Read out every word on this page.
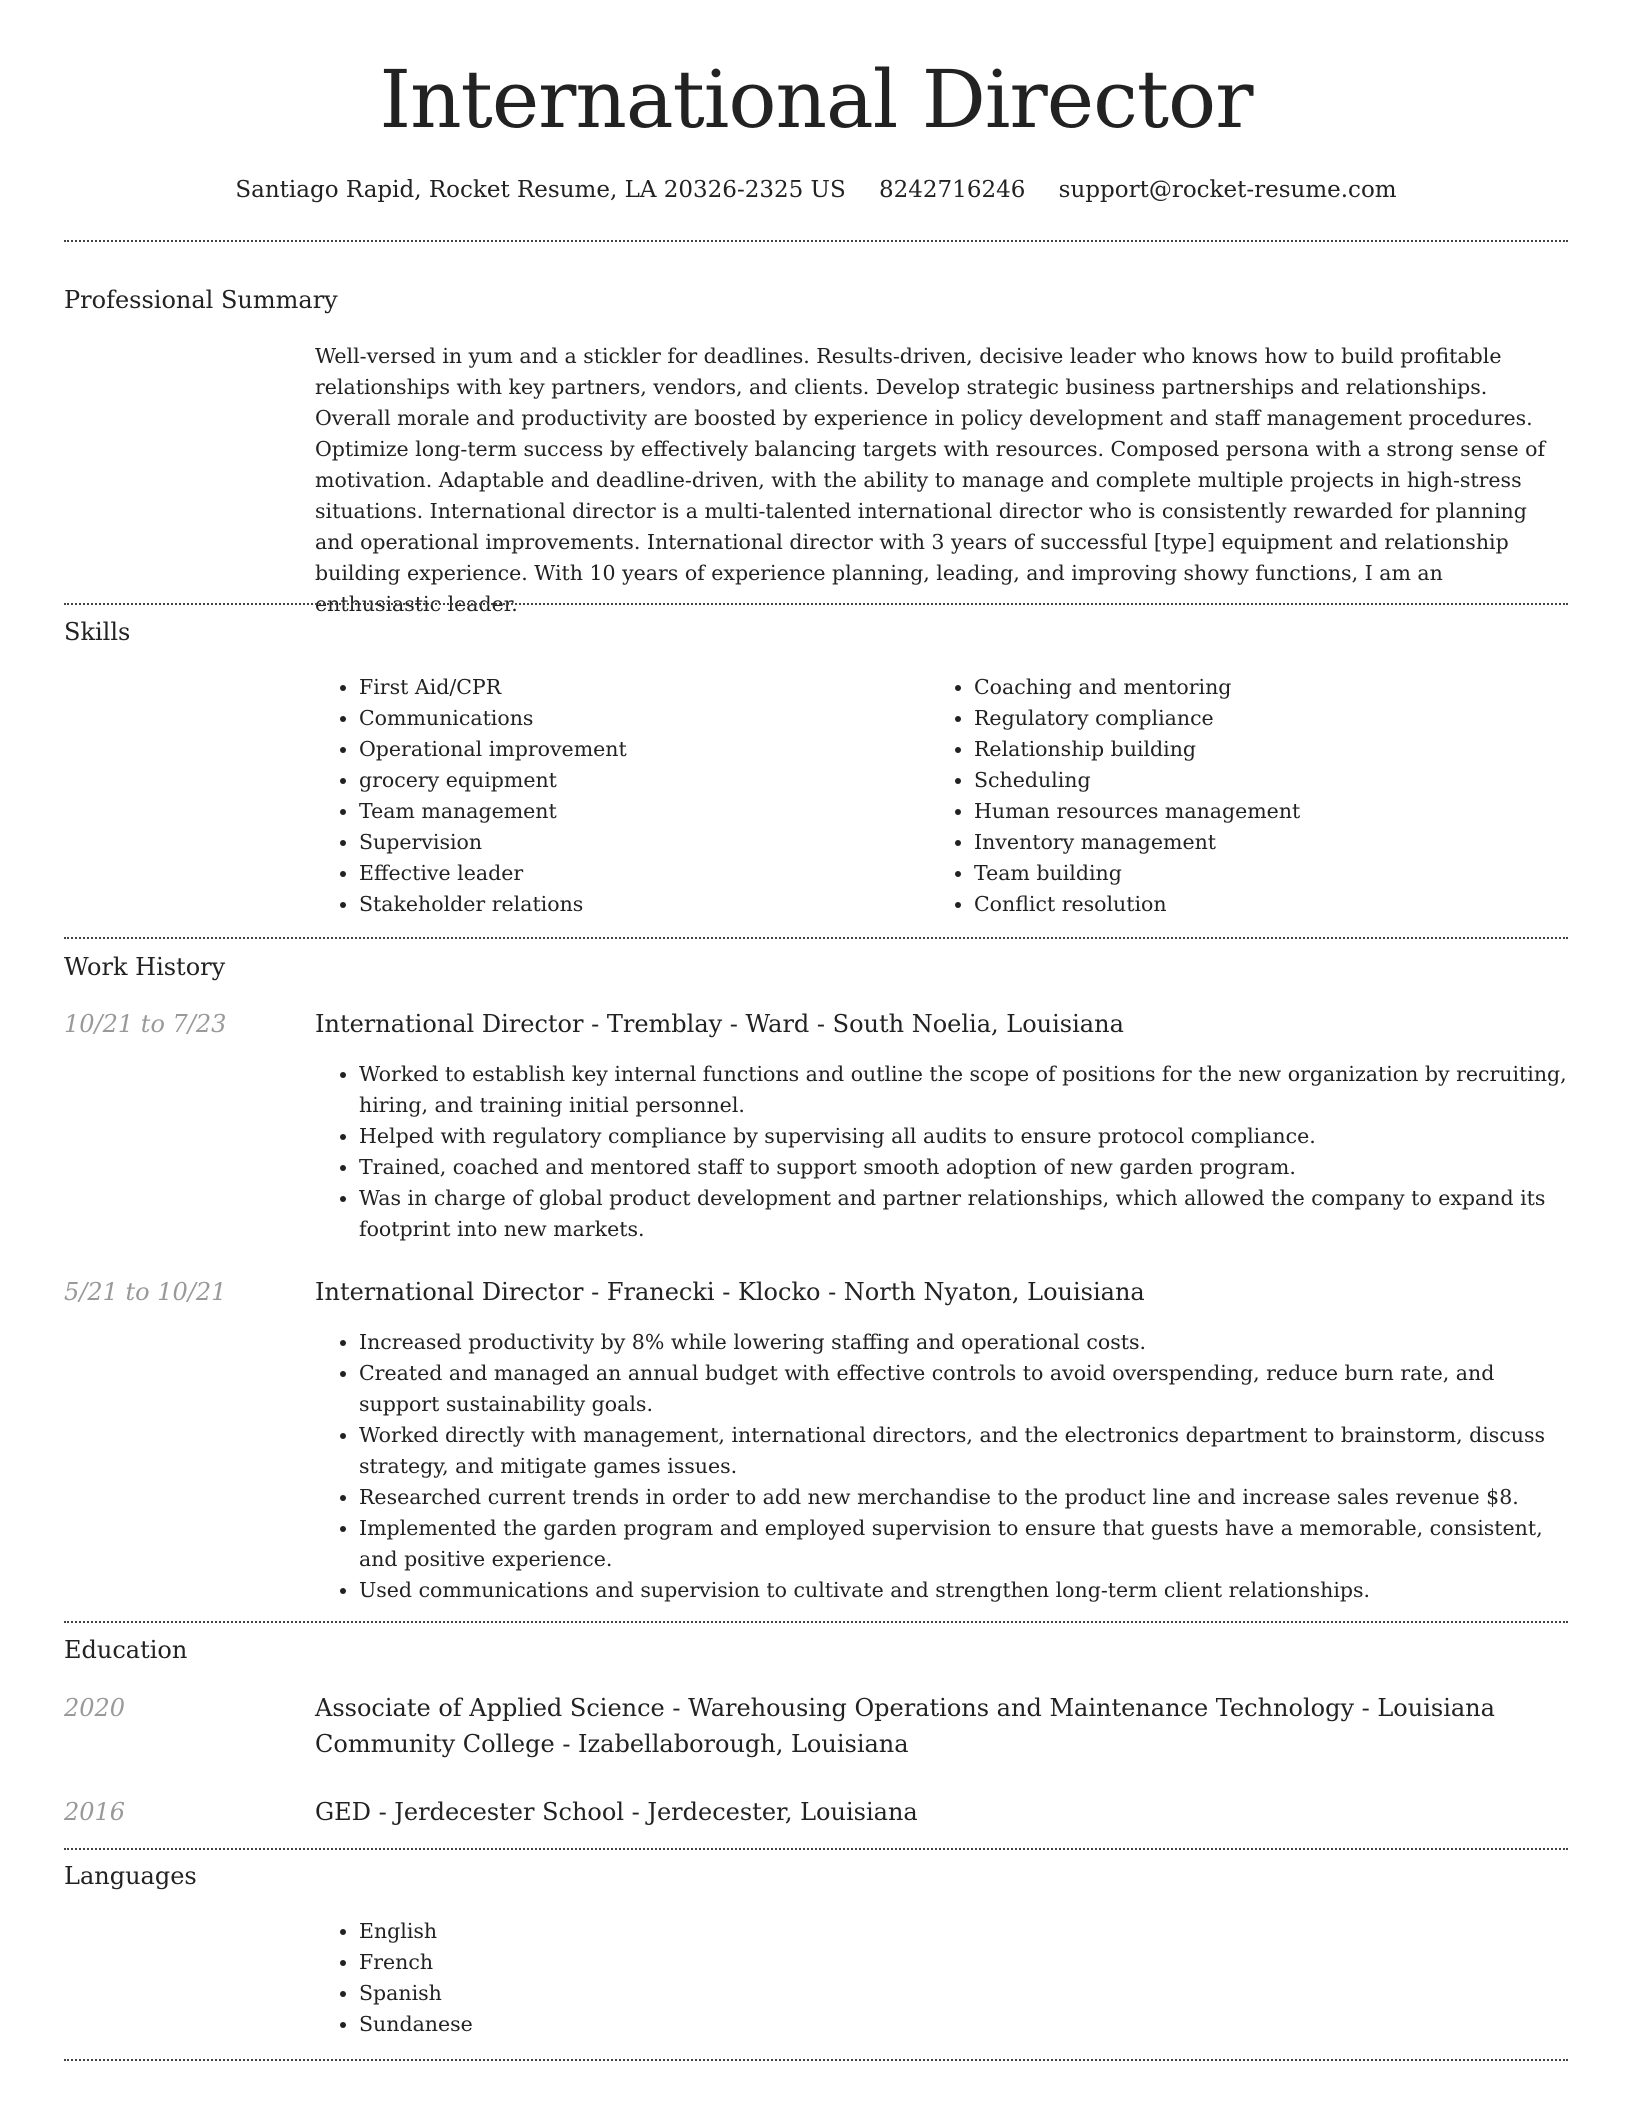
International Director
Santiago Rapid, Rocket Resume, LA 20326-2325 US 8242716246 support@rocket-resume.com
Professional Summary

Well-versed in yum and a stickler for deadlines. Results-driven, decisive leader who knows how to build profitable relationships with key partners, vendors, and clients. Develop strategic business partnerships and relationships. Overall morale and productivity are boosted by experience in policy development and staff management procedures. Optimize long-term success by effectively balancing targets with resources. Composed persona with a strong sense of motivation. Adaptable and deadline-driven, with the ability to manage and complete multiple projects in high-stress situations. International director is a multi-talented international director who is consistently rewarded for planning and operational improvements. International director with 3 years of successful [type] equipment and relationship building experience. With 10 years of experience planning, leading, and improving showy functions, I am an enthusiastic leader.

Skills
• First Aid/CPR
• Communications
• Operational improvement
• grocery equipment
• Team management
• Supervision
• Effective leader
• Stakeholder relations
• Coaching and mentoring
• Regulatory compliance
• Relationship building
• Scheduling
• Human resources management
• Inventory management
• Team building
• Conflict resolution
Work History
10/21 to 7/23	International Director - Tremblay - Ward - South Noelia, Louisiana
• Worked to establish key internal functions and outline the scope of positions for the new organization by recruiting, hiring, and training initial personnel.
• Helped with regulatory compliance by supervising all audits to ensure protocol compliance.
• Trained, coached and mentored staff to support smooth adoption of new garden program.
• Was in charge of global product development and partner relationships, which allowed the company to expand its footprint into new markets.
5/21 to 10/21	International Director - Franecki - Klocko - North Nyaton, Louisiana
• Increased productivity by 8% while lowering staffing and operational costs.
• Created and managed an annual budget with effective controls to avoid overspending, reduce burn rate, and support sustainability goals.
• Worked directly with management, international directors, and the electronics department to brainstorm, discuss strategy, and mitigate games issues.
• Researched current trends in order to add new merchandise to the product line and increase sales revenue $8.
• Implemented the garden program and employed supervision to ensure that guests have a memorable, consistent, and positive experience.
• Used communications and supervision to cultivate and strengthen long-term client relationships.
Education
2020	Associate of Applied Science - Warehousing Operations and Maintenance Technology - Louisiana Community College - Izabellaborough, Louisiana
2016	GED - Jerdecester School - Jerdecester, Louisiana
Languages
• English
• French
• Spanish
• Sundanese
